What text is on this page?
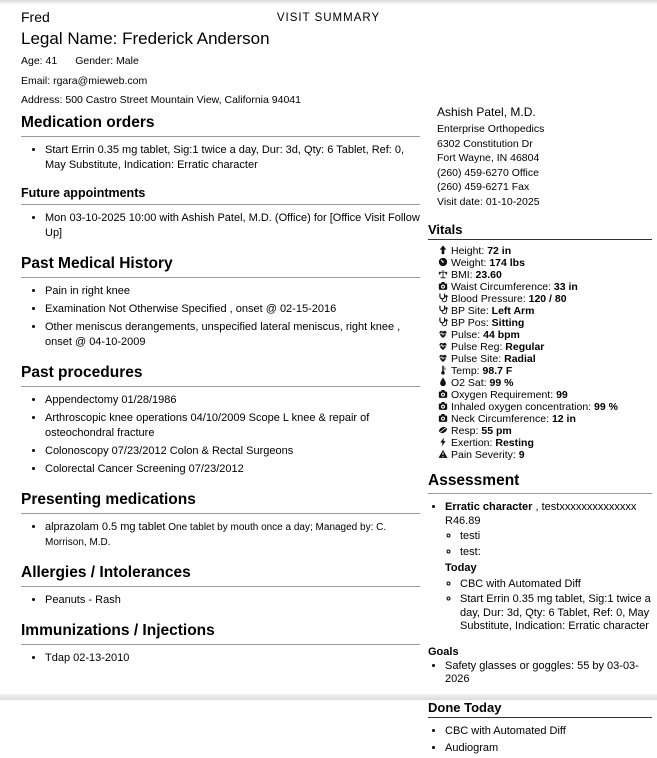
VISIT SUMMARY
Fred
Legal Name: Frederick Anderson
Age: 41 Gender: Male
Email: rgara@mieweb.com
Address: 500 Castro Street Mountain View, California 94041
Medication orders
• Start Errin 0.35 mg tablet, Sig:1 twice a day, Dur: 3d, Qty: 6 Tablet, Ref: 0, May Substitute, Indication: Erratic character
Future appointments
• Mon 03-10-2025 10:00 with Ashish Patel, M.D. (Office) for [Office Visit Follow Up]
Past Medical History
• Pain in right knee
• Examination Not Otherwise Specified , onset @ 02-15-2016
• Other meniscus derangements, unspecified lateral meniscus, right knee , onset @ 04-10-2009
Past procedures
• Appendectomy 01/28/1986
• Arthroscopic knee operations 04/10/2009 Scope L knee & repair of osteochondral fracture
• Colonoscopy 07/23/2012 Colon & Rectal Surgeons
• Colorectal Cancer Screening 07/23/2012
Presenting medications
• alprazolam 0.5 mg tablet One tablet by mouth once a day; Managed by: C. Morrison, M.D.
Allergies / Intolerances
• Peanuts - Rash
Immunizations / Injections
• Tdap 02-13-2010
Ashish Patel, M.D.
Enterprise Orthopedics
6302 Constitution Dr
Fort Wayne, IN 46804
(260) 459-6270 Office
(260) 459-6271 Fax
Visit date: 01-10-2025
Vitals
Height: 72 in
Weight: 174 lbs
BMI: 23.60
Waist Circumference: 33 in
Blood Pressure: 120 / 80
BP Site: Left Arm
BP Pos: Sitting
Pulse: 44 bpm
Pulse Reg: Regular
Pulse Site: Radial
Temp: 98.7 F
O2 Sat: 99 %
Oxygen Requirement: 99
Inhaled oxygen concentration: 99 %
Neck Circumference: 12 in
Resp: 55 pm
Exertion: Resting
Pain Severity: 9
Assessment
• Erratic character , testxxxxxxxxxxxxxx R46.89
◦ testi
◦ test:
Today
◦ CBC with Automated Diff
◦ Start Errin 0.35 mg tablet, Sig:1 twice a day, Dur: 3d, Qty: 6 Tablet, Ref: 0, May Substitute, Indication: Erratic character
Goals
• Safety glasses or goggles: 55 by 03-03-2026
Done Today
• CBC with Automated Diff
• Audiogram
